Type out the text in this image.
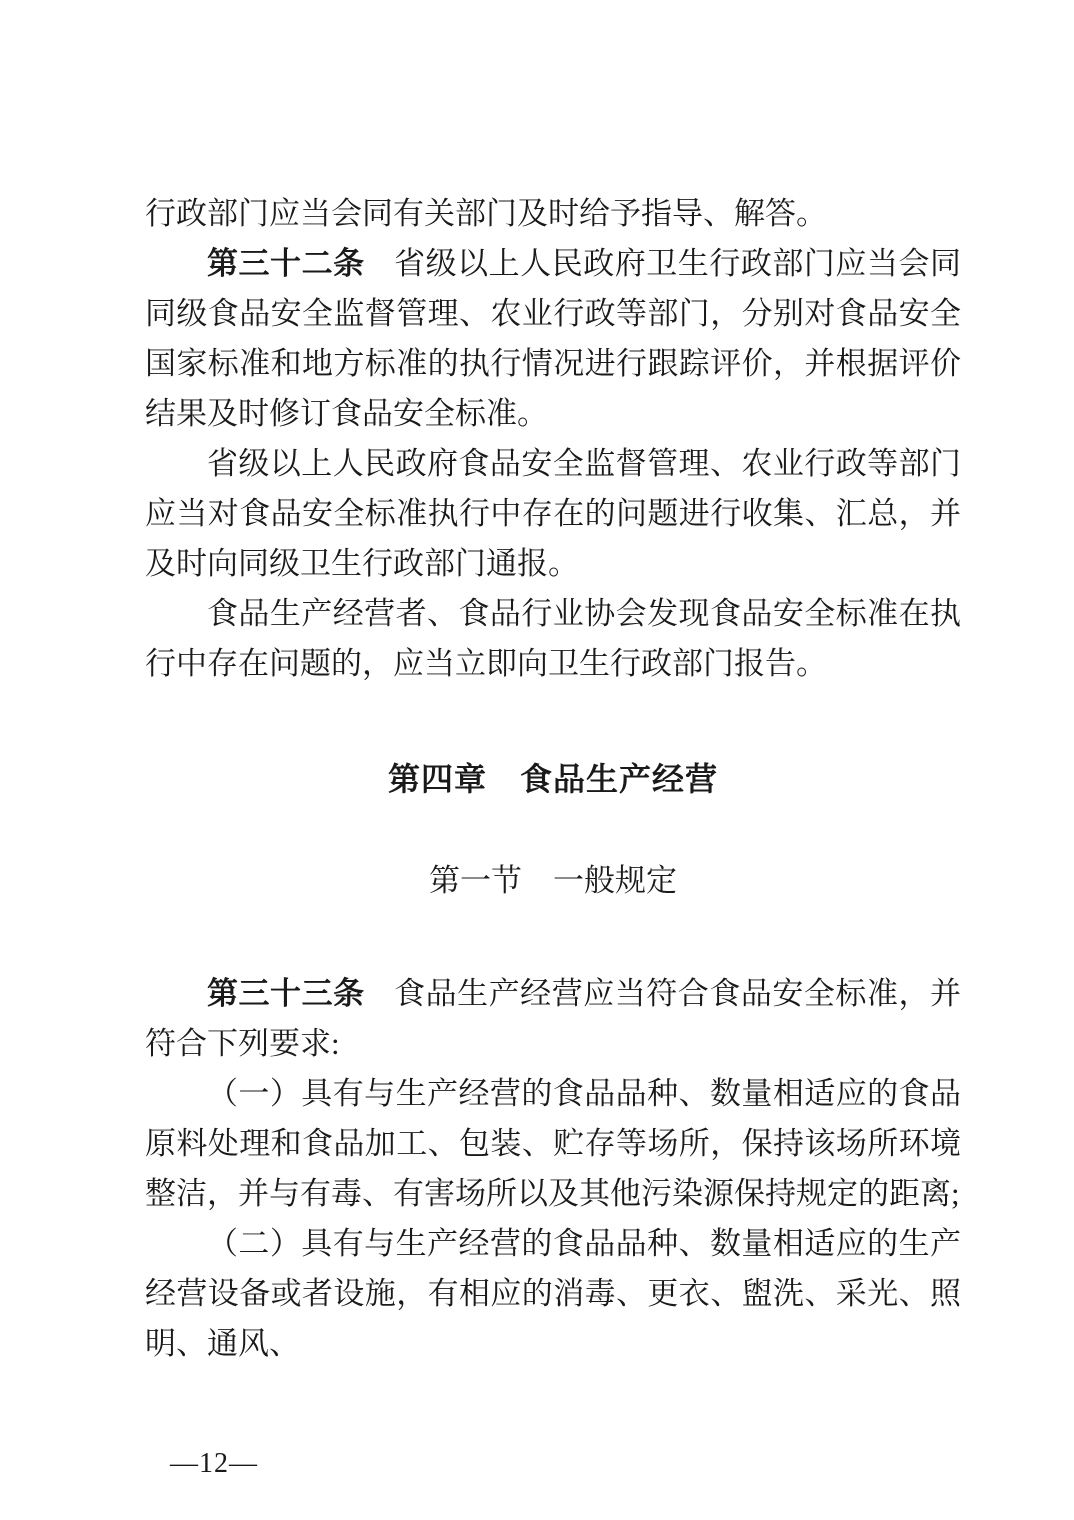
行政部门应当会同有关部门及时给予指导、解答。

第三十二条 省级以上人民政府卫生行政部门应当会同同级食品安全监督管理、农业行政等部门，分别对食品安全国家标准和地方标准的执行情况进行跟踪评价，并根据评价结果及时修订食品安全标准。

省级以上人民政府食品安全监督管理、农业行政等部门应当对食品安全标准执行中存在的问题进行收集、汇总，并及时向同级卫生行政部门通报。

食品生产经营者、食品行业协会发现食品安全标准在执行中存在问题的，应当立即向卫生行政部门报告。

第四章　食品生产经营
第一节　一般规定

第三十三条 食品生产经营应当符合食品安全标准，并符合下列要求:

（一）具有与生产经营的食品品种、数量相适应的食品原料处理和食品加工、包装、贮存等场所，保持该场所环境整洁，并与有毒、有害场所以及其他污染源保持规定的距离;

（二）具有与生产经营的食品品种、数量相适应的生产经营设备或者设施，有相应的消毒、更衣、盥洗、采光、照明、通风、

—12—
